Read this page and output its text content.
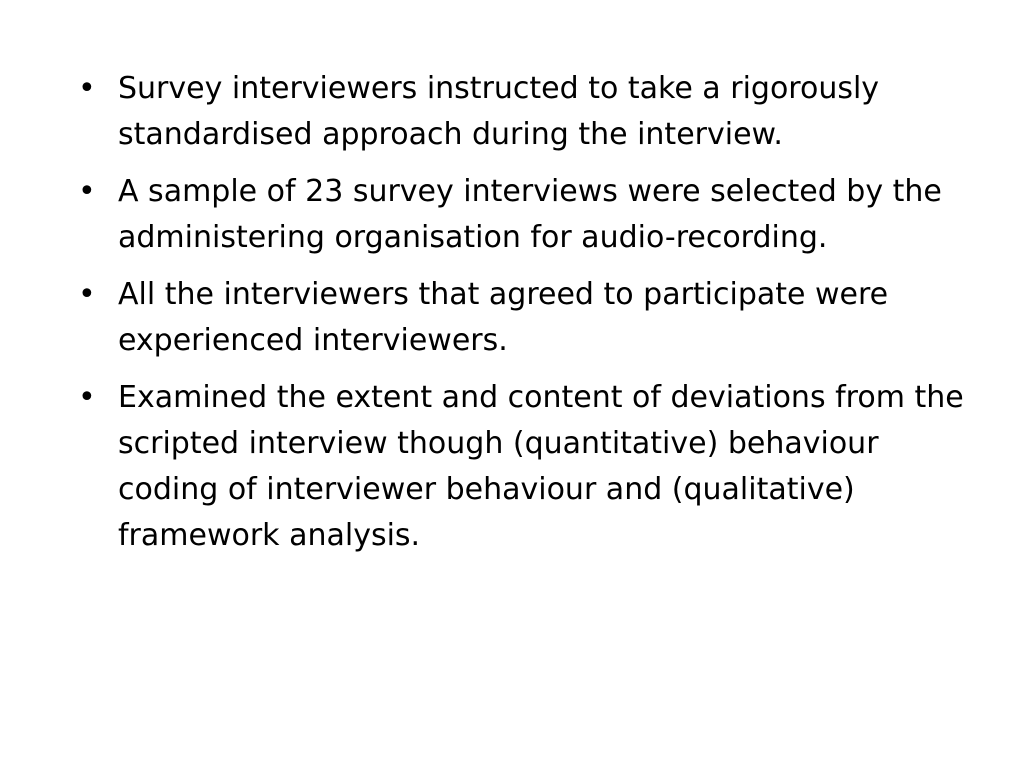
• Survey interviewers instructed to take a rigorously standardised approach during the interview.
• A sample of 23 survey interviews were selected by the administering organisation for audio-recording.
• All the interviewers that agreed to participate were experienced interviewers.
• Examined the extent and content of deviations from the scripted interview though (quantitative) behaviour coding of interviewer behaviour and (qualitative) framework analysis.
